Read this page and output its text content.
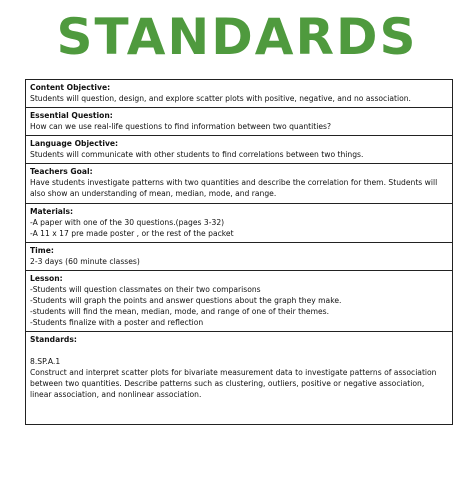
STANDARDS
Content Objective:
Students will question, design, and explore scatter plots with positive, negative, and no association.
Essential Question:
How can we use real-life questions to find information between two quantities?
Language Objective:
Students will communicate with other students to find correlations between two things.
Teachers Goal:
Have students investigate patterns with two quantities and describe the correlation for them. Students will also show an understanding of mean, median, mode, and range.
Materials:
-A paper with one of the 30 questions.(pages 3-32)
-A 11 x 17 pre made poster , or the rest of the packet
Time:
2-3 days (60 minute classes)
Lesson:
-Students will question classmates on their two comparisons
-Students will graph the points and answer questions about the graph they make.
-students will find the mean, median, mode, and range of one of their themes.
-Students finalize with a poster and reflection
Standards:
8.SP.A.1
Construct and interpret scatter plots for bivariate measurement data to investigate patterns of association between two quantities. Describe patterns such as clustering, outliers, positive or negative association, linear association, and nonlinear association.
